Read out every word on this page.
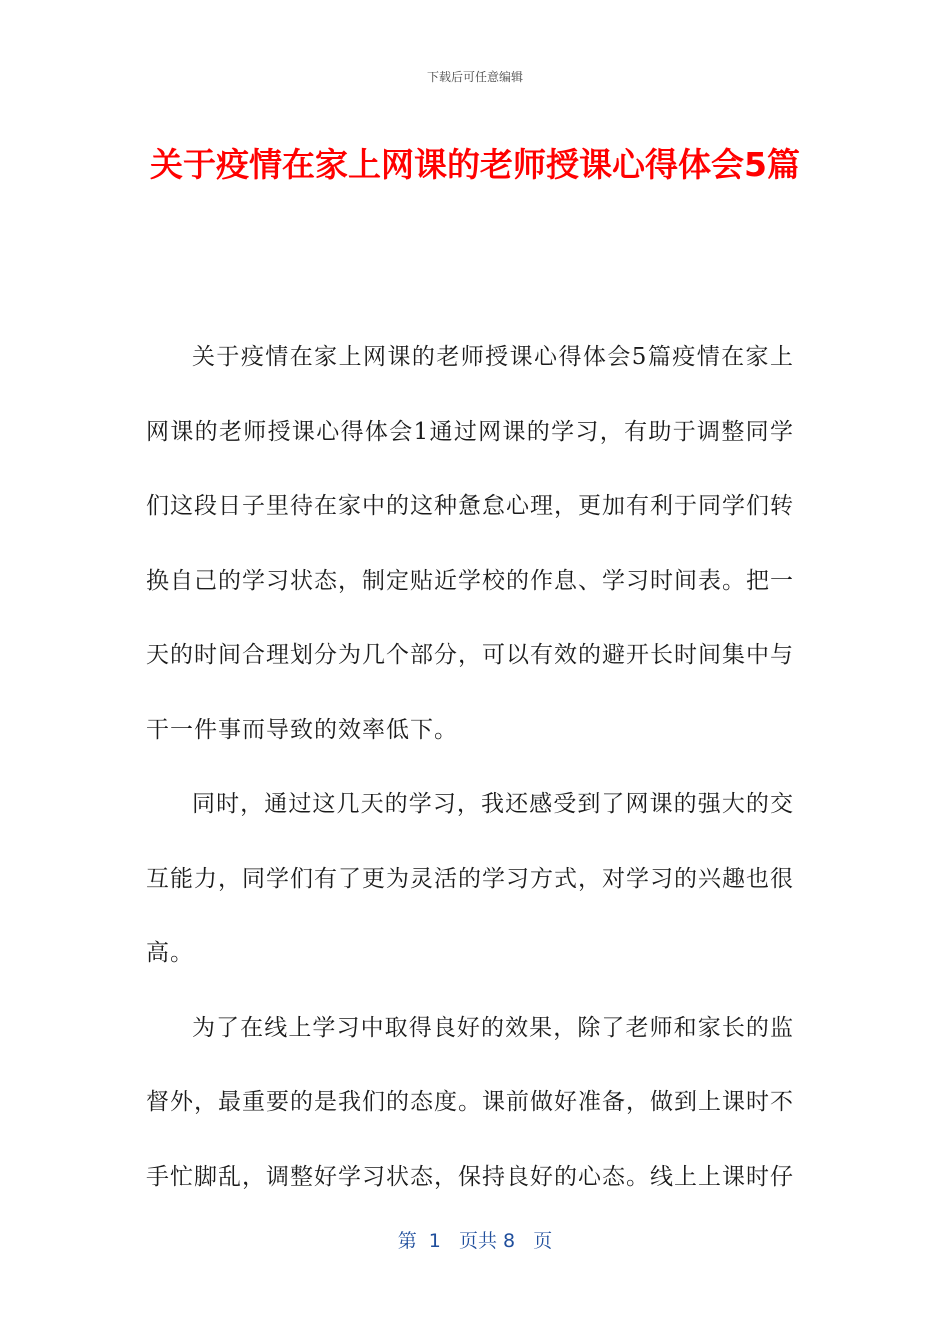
下载后可任意编辑
关于疫情在家上网课的老师授课心得体会5篇

关于疫情在家上网课的老师授课心得体会5篇疫情在家上网课的老师授课心得体会1通过网课的学习，有助于调整同学们这段日子里待在家中的这种惫怠心理，更加有利于同学们转换自己的学习状态，制定贴近学校的作息、学习时间表。把一天的时间合理划分为几个部分，可以有效的避开长时间集中与干一件事而导致的效率低下。

同时，通过这几天的学习，我还感受到了网课的强大的交互能力，同学们有了更为灵活的学习方式，对学习的兴趣也很高。

为了在线上学习中取得良好的效果，除了老师和家长的监督外，最重要的是我们的态度。课前做好准备，做到上课时不手忙脚乱，调整好学习状态，保持良好的心态。线上上课时仔

第  1   页共 8   页
